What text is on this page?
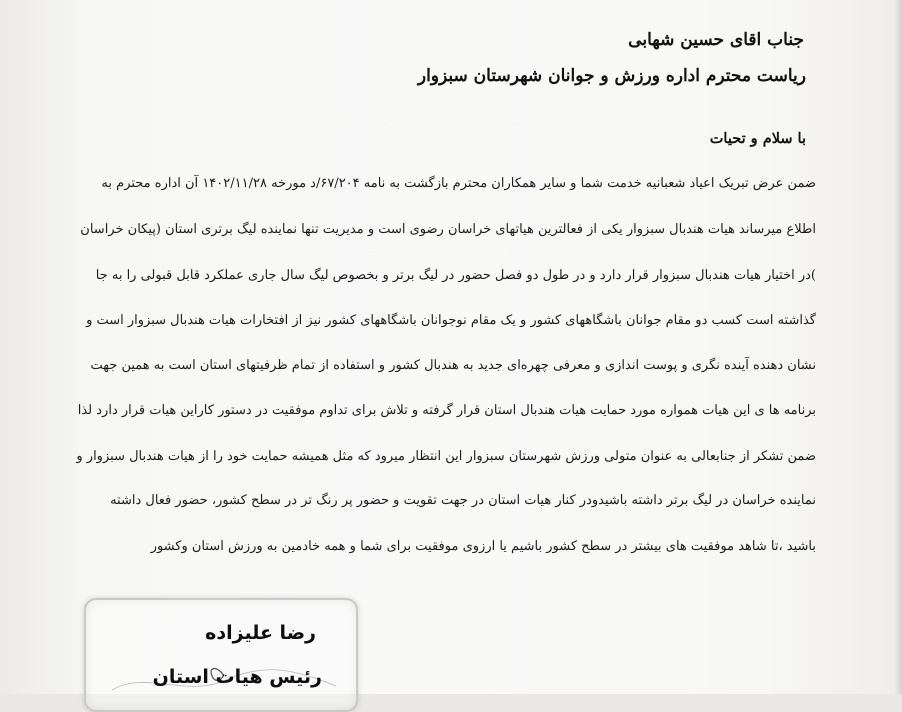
جناب اقای حسین شهابی
ریاست محترم اداره ورزش و جوانان شهرستان سبزوار
با سلام و تحیات
ضمن عرض تبریک اعیاد شعبانیه خدمت شما و سایر همکاران محترم بازگشت به نامه ۶۷/۲۰۴/د مورخه ۱۴۰۲/۱۱/۲۸ آن اداره محترم به
اطلاع میرساند هیات هندبال سبزوار یکی از فعالترین هیاتهای خراسان رضوی است و مدیریت تنها نماینده لیگ برتری استان (پیکان خراسان
)در اختیار هیات هندبال سبزوار قرار دارد و در طول دو فصل حضور در لیگ برتر و بخصوص لیگ سال جاری عملکرد قابل قبولی را به جا
گذاشته است کسب دو مقام جوانان باشگاههای کشور و یک مقام نوجوانان باشگاههای کشور نیز از افتخارات هیات هندبال سبزوار است و
نشان دهنده آینده نگری و پوست اندازی و معرفی چهره‌ای جدید به هندبال کشور و استفاده از تمام ظرفیتهای استان است به همین جهت
برنامه ها ی این هیات همواره مورد حمایت هیات هندبال استان قرار گرفته و تلاش برای تداوم موفقیت در دستور کاراین هیات قرار دارد لذا
ضمن تشکر از جنابعالی به عنوان متولی ورزش شهرستان سبزوار این انتظار میرود که مثل همیشه حمایت خود را از هیات هندبال سبزوار و
نماینده خراسان در لیگ برتر داشته باشیدودر کنار هیات استان در جهت تقویت و حضور پر رنگ تر در سطح کشور، حضور فعال داشته
باشید ،تا شاهد موفقیت های بیشتر در سطح کشور باشیم یا ارزوی موفقیت برای شما و همه خادمین به ورزش استان وکشور
رضا علیزاده
رئیس هیات استان
